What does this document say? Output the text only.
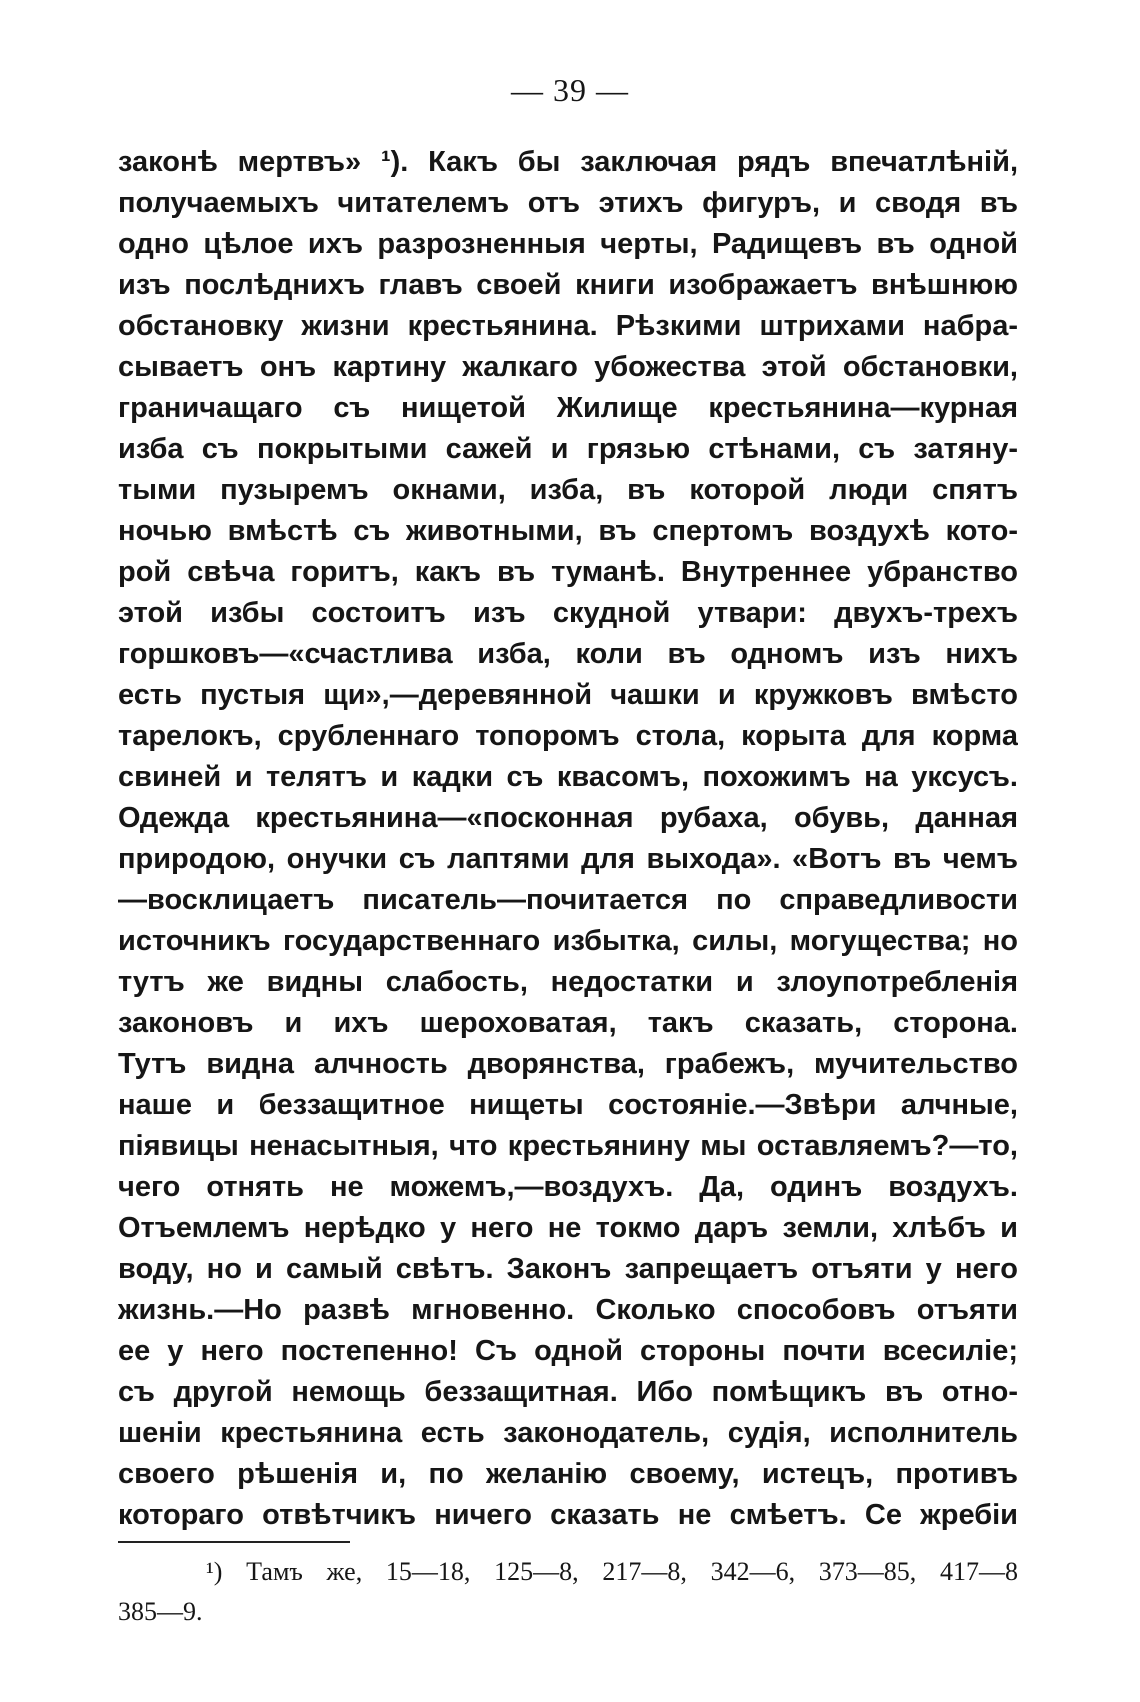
— 39 —
законѣ мертвъ» ¹). Какъ бы заключая рядъ впечатлѣній,
получаемыхъ читателемъ отъ этихъ фигуръ, и сводя въ
одно цѣлое ихъ разрозненныя черты, Радищевъ въ одной
изъ послѣднихъ главъ своей книги изображаетъ внѣшнюю
обстановку жизни крестьянина. Рѣзкими штрихами набра-
сываетъ онъ картину жалкаго убожества этой обстановки,
граничащаго съ нищетой Жилище крестьянина—курная
изба съ покрытыми сажей и грязью стѣнами, съ затяну-
тыми пузыремъ окнами, изба, въ которой люди спятъ
ночью вмѣстѣ съ животными, въ спертомъ воздухѣ кото-
рой свѣча горитъ, какъ въ туманѣ. Внутреннее убранство
этой избы состоитъ изъ скудной утвари: двухъ-трехъ
горшковъ—«счастлива изба, коли въ одномъ изъ нихъ
есть пустыя щи»,—деревянной чашки и кружковъ вмѣсто
тарелокъ, срубленнаго топоромъ стола, корыта для корма
свиней и телятъ и кадки съ квасомъ, похожимъ на уксусъ.
Одежда крестьянина—«посконная рубаха, обувь, данная
природою, онучки съ лаптями для выхода». «Вотъ въ чемъ
—восклицаетъ писатель—почитается по справедливости
источникъ государственнаго избытка, силы, могущества; но
тутъ же видны слабость, недостатки и злоупотребленія
законовъ и ихъ шероховатая, такъ сказать, сторона.
Тутъ видна алчность дворянства, грабежъ, мучительство
наше и беззащитное нищеты состояніе.—Звѣри алчные,
піявицы ненасытныя, что крестьянину мы оставляемъ?—то,
чего отнять не можемъ,—воздухъ. Да, одинъ воздухъ.
Отъемлемъ нерѣдко у него не токмо даръ земли, хлѣбъ и
воду, но и самый свѣтъ. Законъ запрещаетъ отъяти у него
жизнь.—Но развѣ мгновенно. Сколько способовъ отъяти
ее у него постепенно! Съ одной стороны почти всесиліе;
съ другой немощь беззащитная. Ибо помѣщикъ въ отно-
шеніи крестьянина есть законодатель, судія, исполнитель
своего рѣшенія и, по желанію своему, истецъ, противъ
котораго отвѣтчикъ ничего сказать не смѣетъ. Се жребіи
¹) Тамъ же, 15—18, 125—8, 217—8, 342—6, 373—85, 417—8
385—9.
